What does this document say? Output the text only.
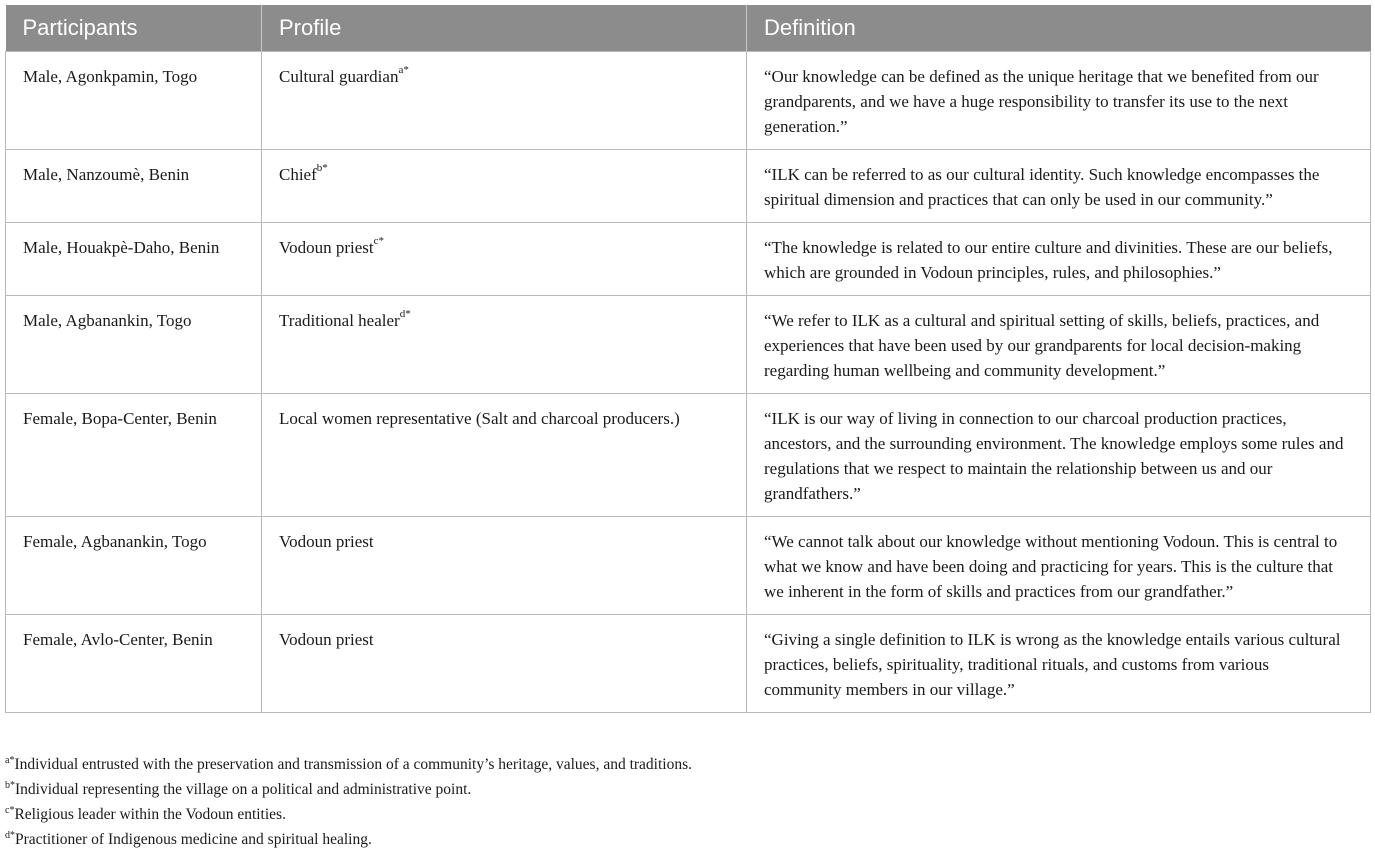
Participants	Profile	Definition
Male, Agonkpamin, Togo	Cultural guardian$^{a*}$	“Our knowledge can be defined as the unique heritage that we benefited from our grandparents, and we have a huge responsibility to transfer its use to the next generation.”
Male, Nanzoumè, Benin	Chief$^{b*}$	“ILK can be referred to as our cultural identity. Such knowledge encompasses the spiritual dimension and practices that can only be used in our community.”
Male, Houakpè-Daho, Benin	Vodoun priest$^{c*}$	“The knowledge is related to our entire culture and divinities. These are our beliefs, which are grounded in Vodoun principles, rules, and philosophies.”
Male, Agbanankin, Togo	Traditional healer$^{d*}$	“We refer to ILK as a cultural and spiritual setting of skills, beliefs, practices, and experiences that have been used by our grandparents for local decision-making regarding human wellbeing and community development.”
Female, Bopa-Center, Benin	Local women representative (Salt and charcoal producers.)	“ILK is our way of living in connection to our charcoal production practices, ancestors, and the surrounding environment. The knowledge employs some rules and regulations that we respect to maintain the relationship between us and our grandfathers.”
Female, Agbanankin, Togo	Vodoun priest	“We cannot talk about our knowledge without mentioning Vodoun. This is central to what we know and have been doing and practicing for years. This is the culture that we inherent in the form of skills and practices from our grandfather.”
Female, Avlo-Center, Benin	Vodoun priest	“Giving a single definition to ILK is wrong as the knowledge entails various cultural practices, beliefs, spirituality, traditional rituals, and customs from various community members in our village.”
$^{a*}$Individual entrusted with the preservation and transmission of a community’s heritage, values, and traditions.
$^{b*}$Individual representing the village on a political and administrative point.
$^{c*}$Religious leader within the Vodoun entities.
$^{d*}$Practitioner of Indigenous medicine and spiritual healing.
